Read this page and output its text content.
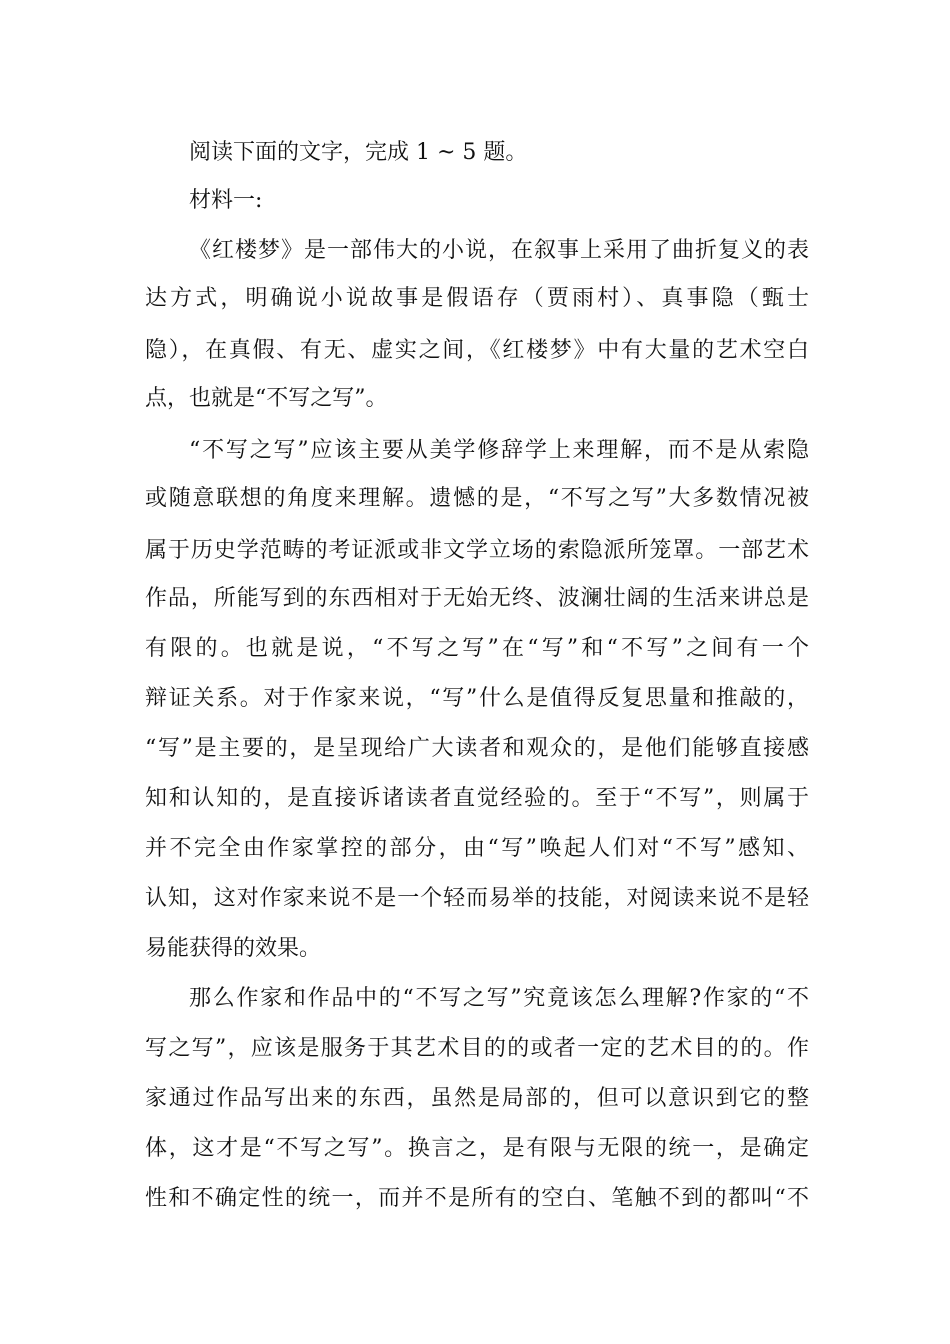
阅读下面的文字，完成 1 ~ 5 题。
材料一:
《红楼梦》是一部伟大的小说，在叙事上采用了曲折复义的表
达方式，明确说小说故事是假语存（贾雨村）、真事隐（甄士
隐），在真假、有无、虚实之间，《红楼梦》中有大量的艺术空白
点，也就是“不写之写”。
“不写之写”应该主要从美学修辞学上来理解，而不是从索隐
或随意联想的角度来理解。遗憾的是，“不写之写”大多数情况被
属于历史学范畴的考证派或非文学立场的索隐派所笼罩。一部艺术
作品，所能写到的东西相对于无始无终、波澜壮阔的生活来讲总是
有限的。也就是说，“不写之写”在“写”和“不写”之间有一个
辩证关系。对于作家来说，“写”什么是值得反复思量和推敲的，
“写”是主要的，是呈现给广大读者和观众的，是他们能够直接感
知和认知的，是直接诉诸读者直觉经验的。至于“不写”，则属于
并不完全由作家掌控的部分，由“写”唤起人们对“不写”感知、
认知，这对作家来说不是一个轻而易举的技能，对阅读来说不是轻
易能获得的效果。
那么作家和作品中的“不写之写”究竟该怎么理解?作家的“不
写之写”，应该是服务于其艺术目的的或者一定的艺术目的的。作
家通过作品写出来的东西，虽然是局部的，但可以意识到它的整
体，这才是“不写之写”。换言之，是有限与无限的统一，是确定
性和不确定性的统一，而并不是所有的空白、笔触不到的都叫“不
